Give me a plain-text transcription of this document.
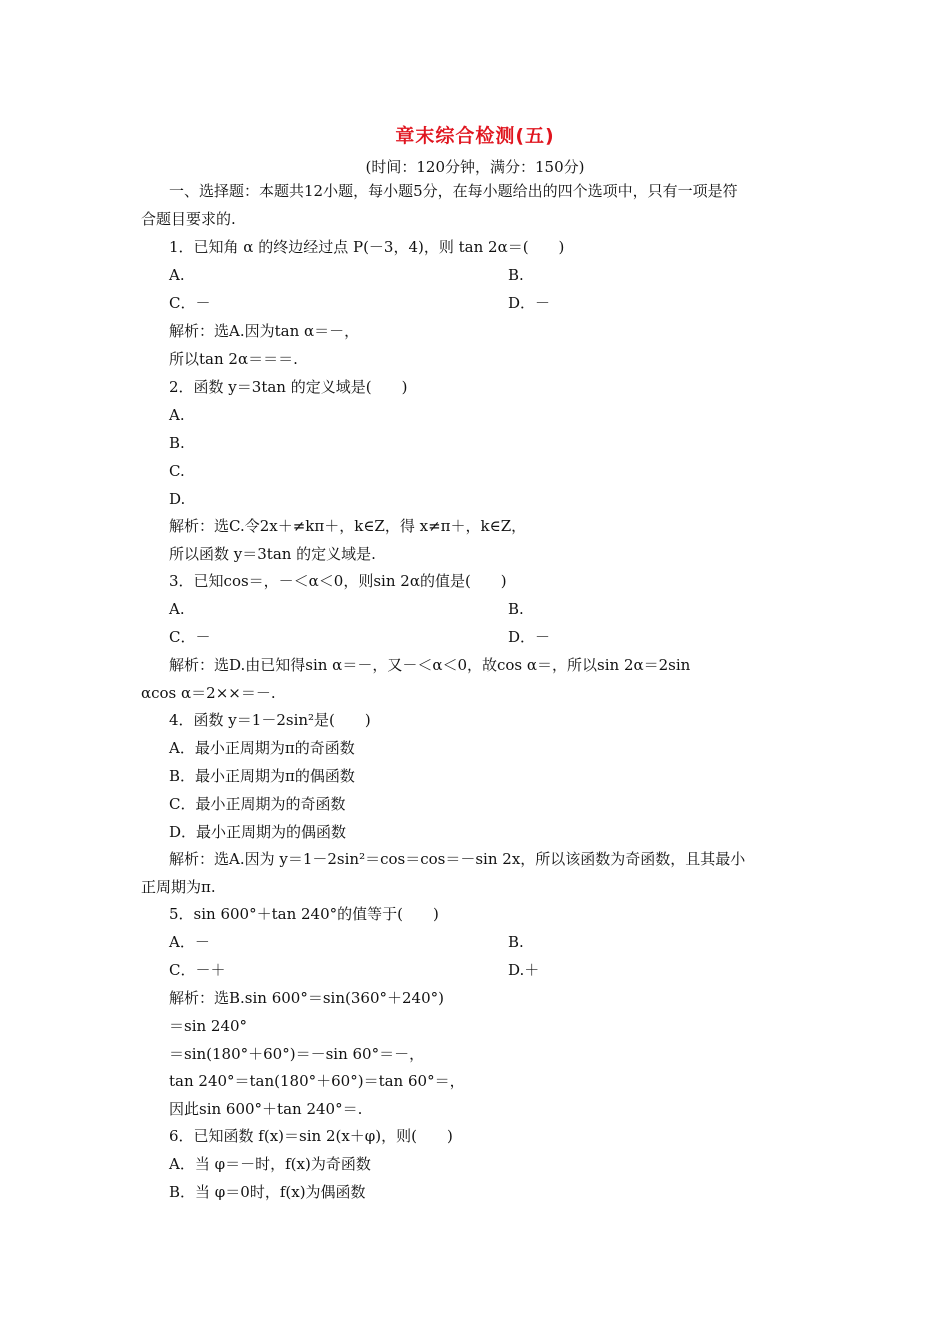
章末综合检测(五)
(时间：120分钟，满分：150分)
一、选择题：本题共12小题，每小题5分，在每小题给出的四个选项中，只有一项是符
合题目要求的.
1．已知角 α 的终边经过点 P(－3，4)，则 tan 2α＝(　　)
A.	B.
C．－	D．－
解析：选A.因为tan α＝－，
所以tan 2α＝＝＝.
2．函数 y＝3tan 的定义域是(　　)
A.
B.
C.
D.
解析：选C.令2x＋≠kπ＋，k∈Z，得 x≠π＋，k∈Z，
所以函数 y＝3tan 的定义域是.
3．已知cos＝，－＜α＜0，则sin 2α的值是(　　)
A.	B.
C．－	D．－
解析：选D.由已知得sin α＝－，又－＜α＜0，故cos α＝，所以sin 2α＝2sin
αcos α＝2××＝－.
4．函数 y＝1－2sin²是(　　)
A．最小正周期为π的奇函数
B．最小正周期为π的偶函数
C．最小正周期为的奇函数
D．最小正周期为的偶函数
解析：选A.因为 y＝1－2sin²＝cos＝cos＝－sin 2x，所以该函数为奇函数，且其最小
正周期为π.
5．sin 600°＋tan 240°的值等于(　　)
A．－	B.
C．－＋	D.＋
解析：选B.sin 600°＝sin(360°＋240°)
＝sin 240°
＝sin(180°＋60°)＝－sin 60°＝－，
tan 240°＝tan(180°＋60°)＝tan 60°＝，
因此sin 600°＋tan 240°＝.
6．已知函数 f(x)＝sin 2(x＋φ)，则(　　)
A．当 φ＝－时，f(x)为奇函数
B．当 φ＝0时，f(x)为偶函数
